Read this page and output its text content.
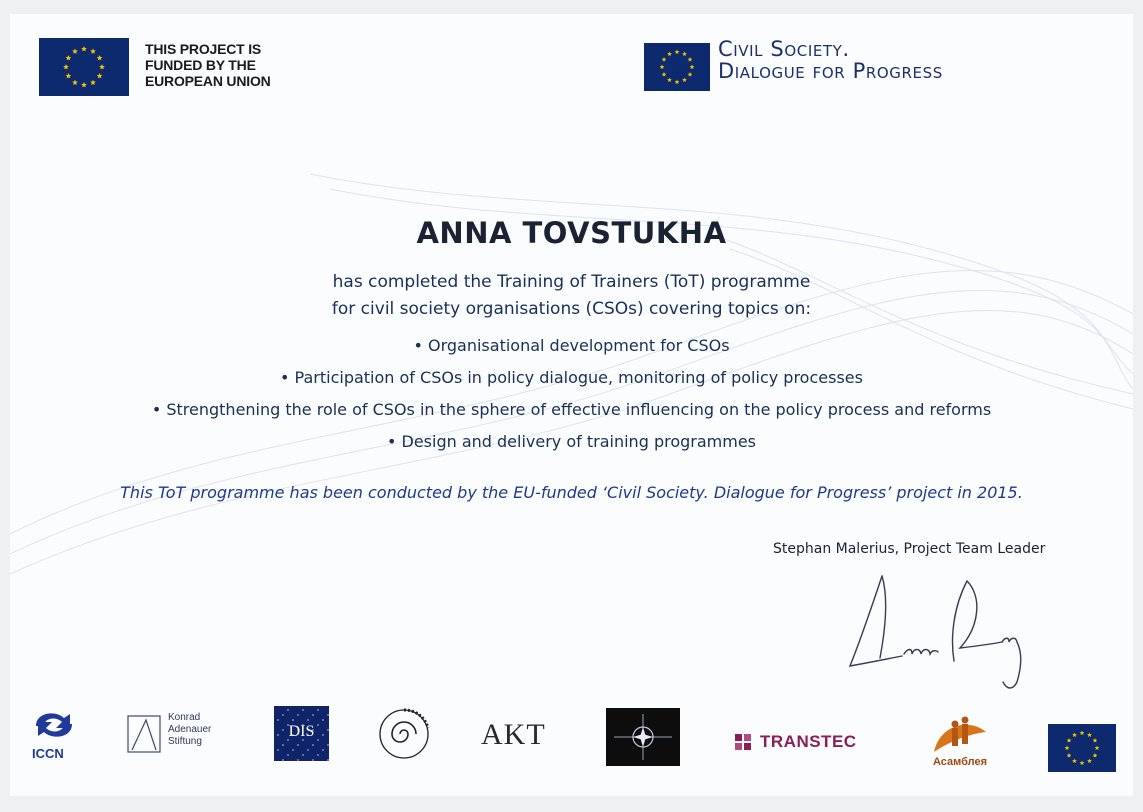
THIS PROJECT IS
FUNDED BY THE
EUROPEAN UNION
Civil Society.
Dialogue for Progress
ANNA TOVSTUKHA
has completed the Training of Trainers (ToT) programme
for civil society organisations (CSOs) covering topics on:
• Organisational development for CSOs
• Participation of CSOs in policy dialogue, monitoring of policy processes
• Strengthening the role of CSOs in the sphere of effective influencing on the policy process and reforms
• Design and delivery of training programmes
This ToT programme has been conducted by the EU-funded ‘Civil Society. Dialogue for Progress’ project in 2015.
Stephan Malerius, Project Team Leader
ICCN
Konrad
Adenauer
Stiftung
DIS	AKT	TRANSTEC
Асамблея
